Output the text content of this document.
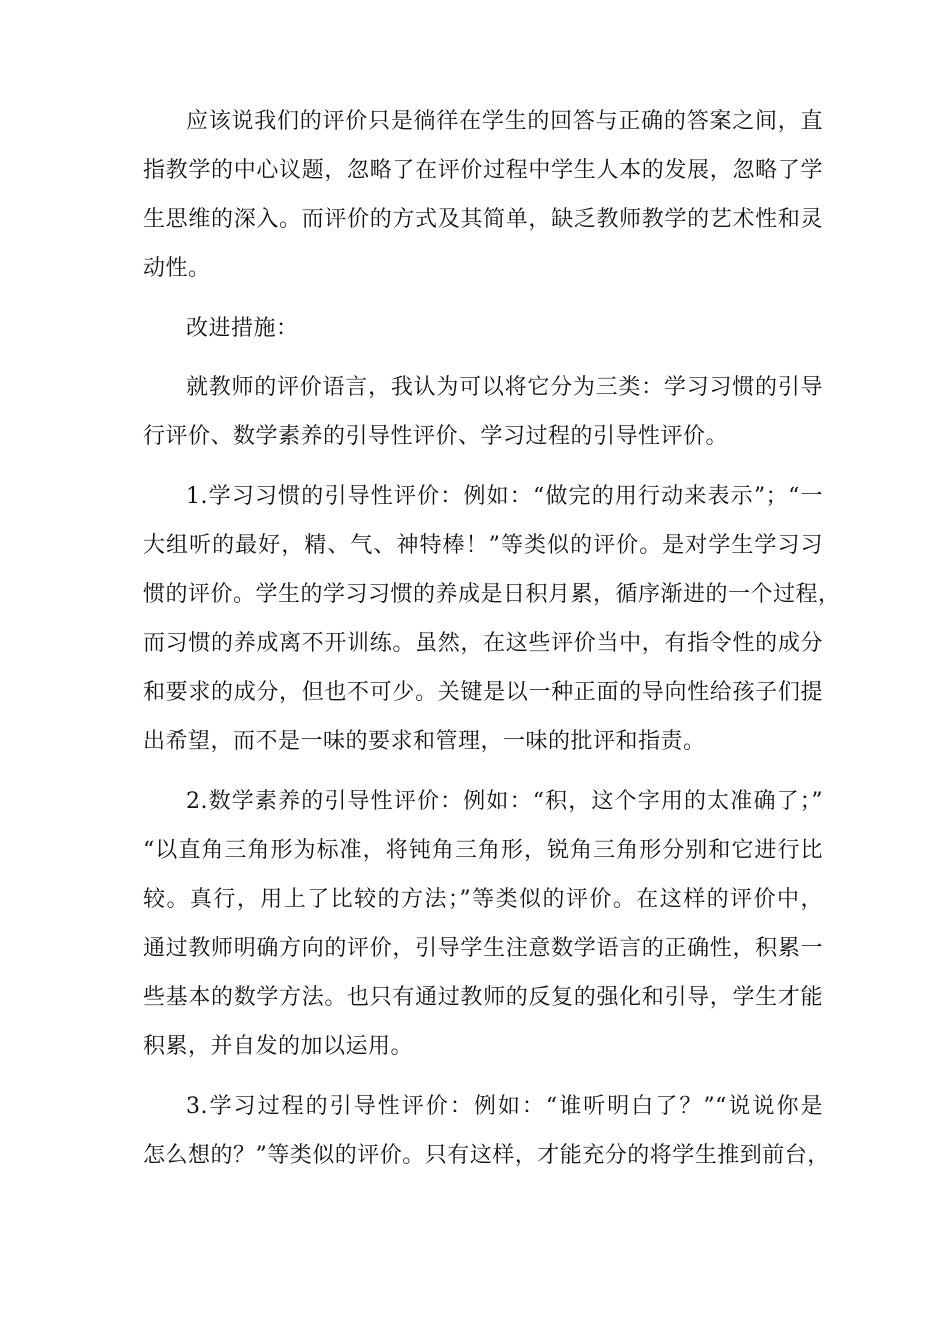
应该说我们的评价只是徜徉在学生的回答与正确的答案之间，直
指教学的中心议题，忽略了在评价过程中学生人本的发展，忽略了学
生思维的深入。而评价的方式及其简单，缺乏教师教学的艺术性和灵
动性。
改进措施：
就教师的评价语言，我认为可以将它分为三类：学习习惯的引导
行评价、数学素养的引导性评价、学习过程的引导性评价。
1.学习习惯的引导性评价：例如：“做完的用行动来表示”；“一
大组听的最好，精、气、神特棒！”等类似的评价。是对学生学习习
惯的评价。学生的学习习惯的养成是日积月累，循序渐进的一个过程，
而习惯的养成离不开训练。虽然，在这些评价当中，有指令性的成分
和要求的成分，但也不可少。关键是以一种正面的导向性给孩子们提
出希望，而不是一味的要求和管理，一味的批评和指责。
2.数学素养的引导性评价：例如：“积，这个字用的太准确了；”
“以直角三角形为标准，将钝角三角形，锐角三角形分别和它进行比
较。真行，用上了比较的方法；”等类似的评价。在这样的评价中，
通过教师明确方向的评价，引导学生注意数学语言的正确性，积累一
些基本的数学方法。也只有通过教师的反复的强化和引导，学生才能
积累，并自发的加以运用。
3.学习过程的引导性评价：例如：“谁听明白了？”“说说你是
怎么想的？”等类似的评价。只有这样，才能充分的将学生推到前台，
